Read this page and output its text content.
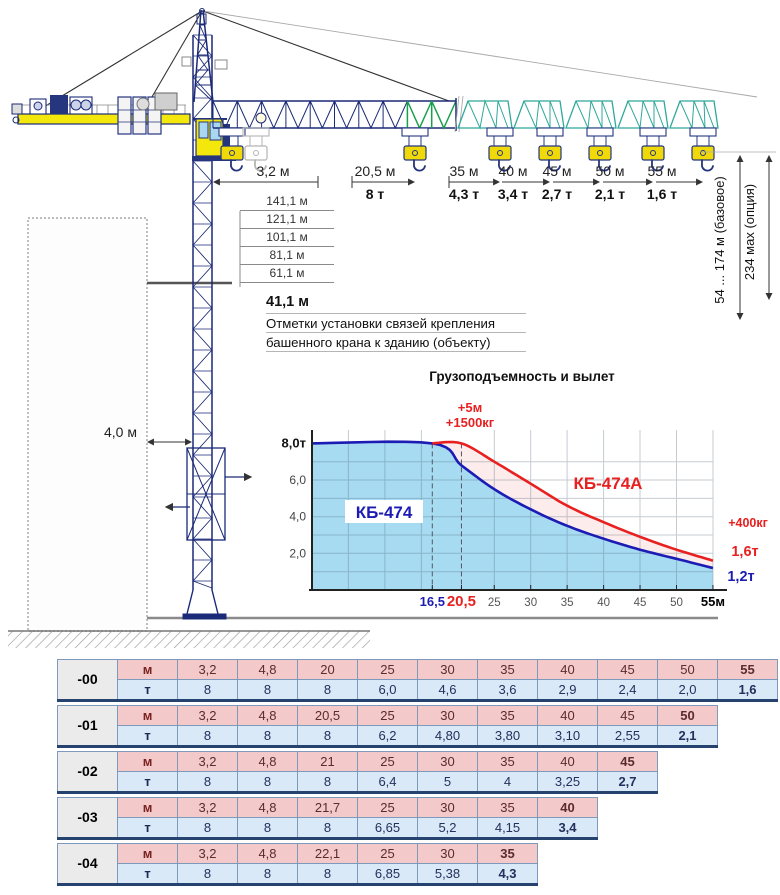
3,2 м	20,5 м
8 т
35 м
4,3 т
40 м
3,4 т
45 м
2,7 т
50 м
2,1 т
55 м
1,6 т
141,1 м
121,1 м
101,1 м
81,1 м
61,1 м
41,1 м
Отметки установки связей крепления
башенного крана к зданию (объекту)
4,0 м
54 ... 174 м (базовое) 234 мах (опция)
Грузоподъемность и вылет
16,5 20,5 25 30 35 40 45 50 55м
8,0т
6,0
4,0
2,0
КБ-474
КБ-474А
+5м
+1500кг
+400кг
1,6т
1,2т
-00	м	3,2	4,8	20	25	30	35	40	45	50	55
	т	8	8	8	6,0	4,6	3,6	2,9	2,4	2,0	1,6
-01	м	3,2	4,8	20,5	25	30	35	40	45	50
	т	8	8	8	6,2	4,80	3,80	3,10	2,55	2,1
-02	м	3,2	4,8	21	25	30	35	40	45
	т	8	8	8	6,4	5	4	3,25	2,7
-03	м	3,2	4,8	21,7	25	30	35	40
	т	8	8	8	6,65	5,2	4,15	3,4
-04	м	3,2	4,8	22,1	25	30	35
	т	8	8	8	6,85	5,38	4,3
